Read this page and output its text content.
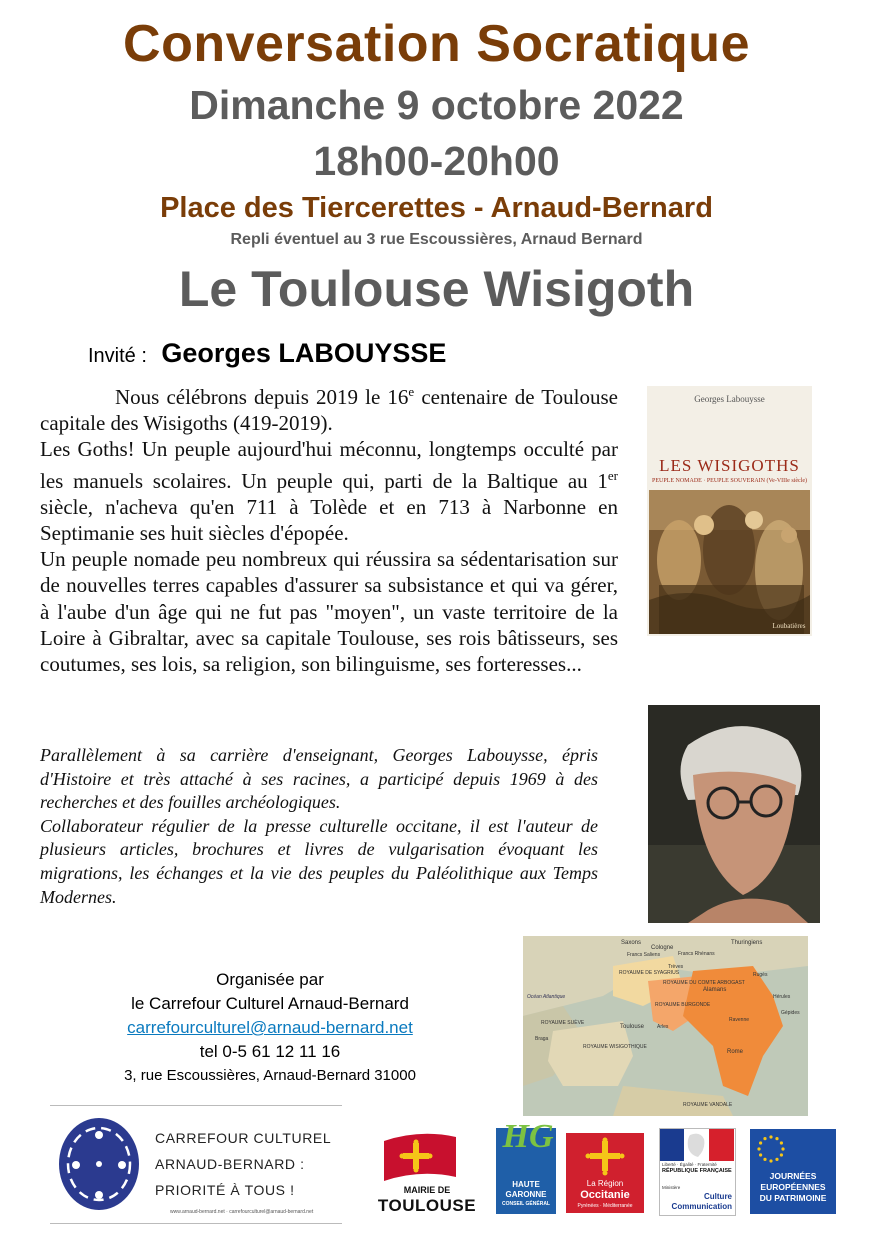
Conversation Socratique
Dimanche 9 octobre 2022
18h00-20h00
Place des Tiercerettes - Arnaud-Bernard
Repli éventuel au 3 rue Escoussières, Arnaud Bernard
Le Toulouse Wisigoth
Invité : Georges LABOUYSSE

Nous célébrons depuis 2019 le 16e centenaire de Toulouse capitale des Wisigoths (419-2019).

Les Goths! Un peuple aujourd'hui méconnu, longtemps occulté par les manuels scolaires. Un peuple qui, parti de la Baltique au 1er siècle, n'acheva qu'en 711 à Tolède et en 713 à Narbonne en Septimanie ses huit siècles d'épopée.

Un peuple nomade peu nombreux qui réussira sa sédentarisation sur de nouvelles terres capables d'assurer sa subsistance et qui va gérer, à l'aube d'un âge qui ne fut pas "moyen", un vaste territoire de la Loire à Gibraltar, avec sa capitale Toulouse, ses rois bâtisseurs, ses coutumes, ses lois, sa religion, son bilinguisme, ses forteresses...

Parallèlement à sa carrière d'enseignant, Georges Labouysse, épris d'Histoire et très attaché à ses racines, a participé depuis 1969 à des recherches et des fouilles archéologiques.

Collaborateur régulier de la presse culturelle occitane, il est l'auteur de plusieurs articles, brochures et livres de vulgarisation évoquant les migrations, les échanges et la vie des peuples du Paléolithique aux Temps Modernes.

Georges Labouysse
LES WISIGOTHS
PEUPLE NOMADE · PEUPLE SOUVERAIN (Ve-VIIIe siècle)
Loubatières
Saxons	Thuringiens
Cologne
Francs Saliens	Francs Rhénans
ROYAUME DE SYAGRIUS
Trèves
ROYAUME DU COMTE ARBOGAST
Alamans
Océan Atlantique	Hérules
Rugès
Gépides
ROYAUME SUÈVE
Braga
Toulouse	Arles
ROYAUME BURGONDE
Ravenne
ROYAUME WISIGOTHIQUE
Rome
ROYAUME VANDALE
Organisée par
le Carrefour Culturel Arnaud-Bernard
carrefourculturel@arnaud-bernard.net
tel 0-5 61 12 11 16
3, rue Escoussières, Arnaud-Bernard 31000
CARREFOUR CULTUREL
ARNAUD-BERNARD :
PRIORITÉ À TOUS !
www.arnaud-bernard.net · carrefourculturel@arnaud-bernard.net
MAIRIE DE
TOULOUSE
HG
HAUTE
GARONNE
CONSEIL GÉNÉRAL
La Région
Occitanie
Pyrénées · Méditerranée
Liberté · Égalité · Fraternité
RÉPUBLIQUE FRANÇAISE
Ministère
Culture
Communication
JOURNÉES
EUROPÉENNES
DU PATRIMOINE
